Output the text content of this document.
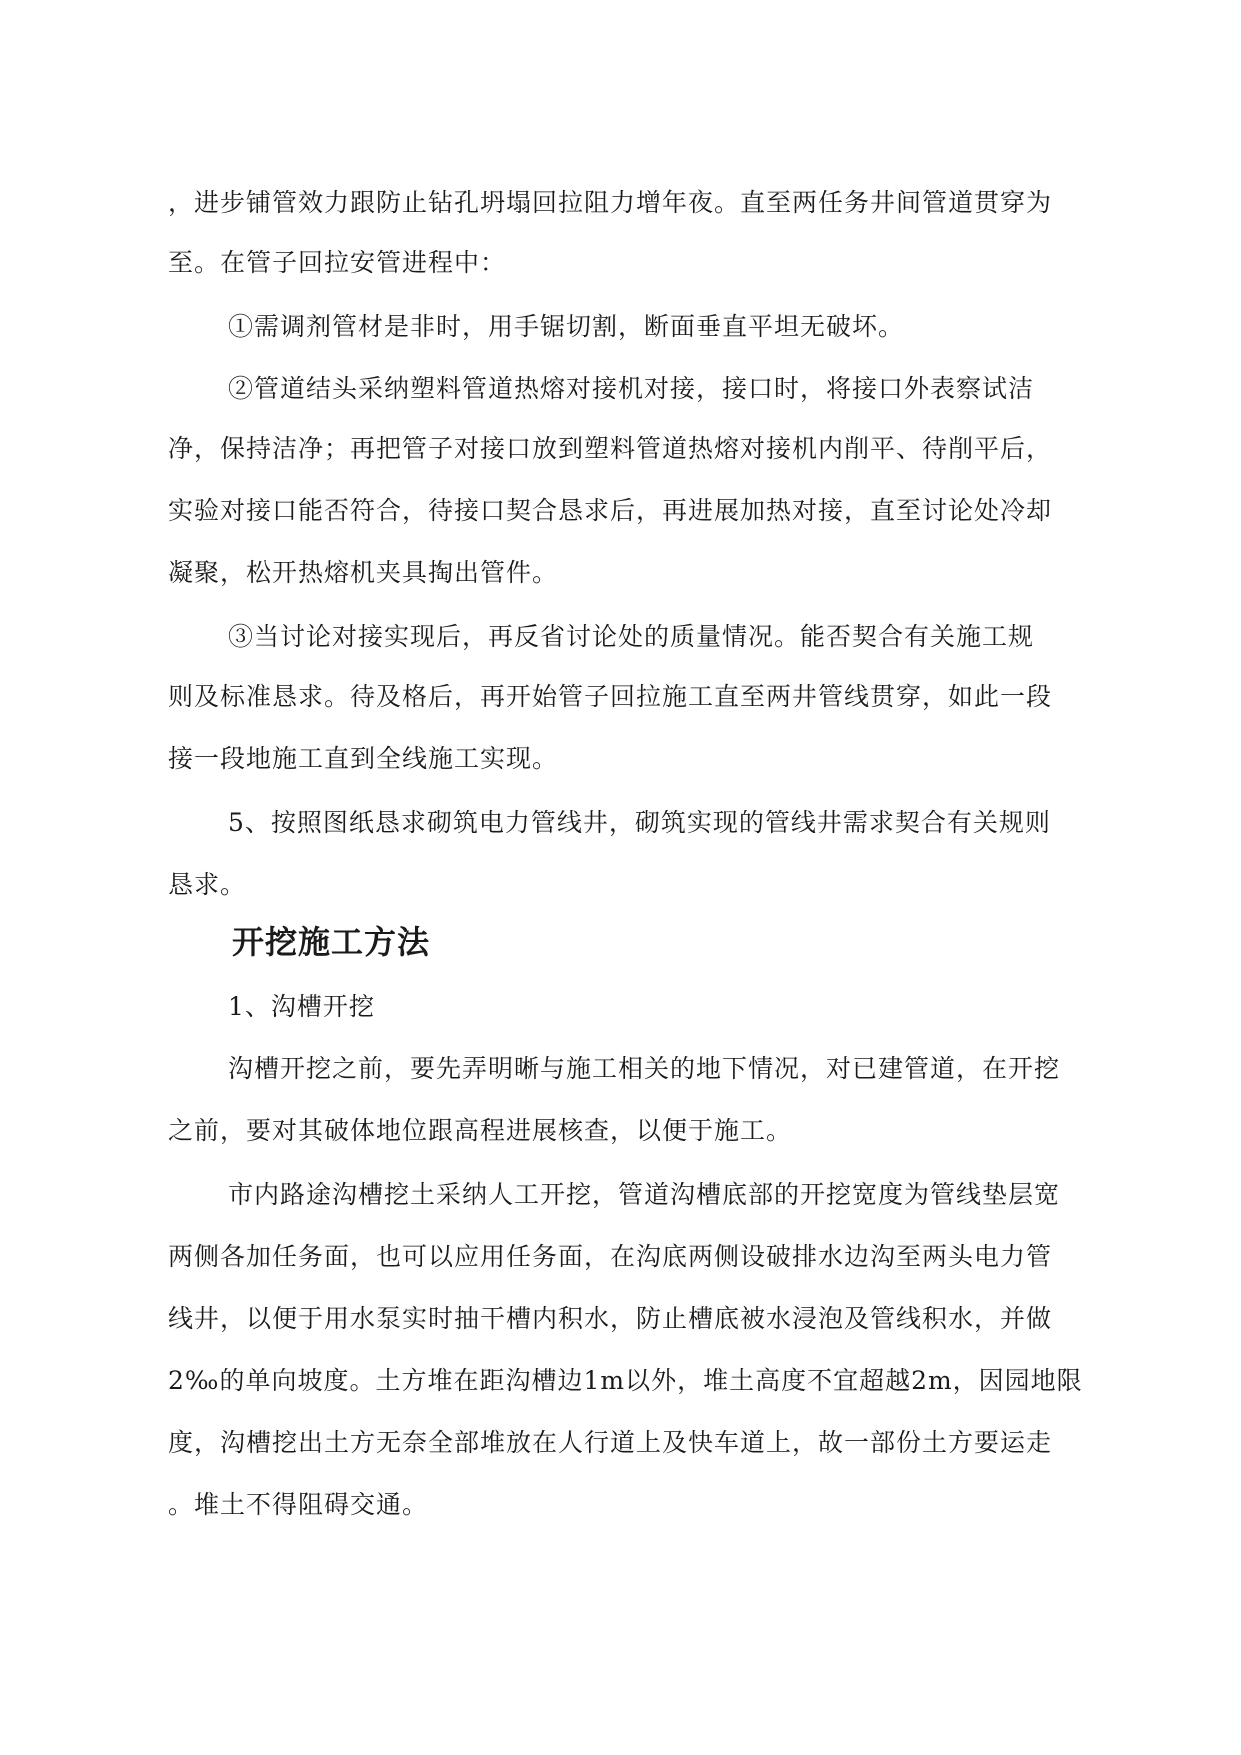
，进步铺管效力跟防止钻孔坍塌回拉阻力增年夜。直至两任务井间管道贯穿为
至。在管子回拉安管进程中：
①需调剂管材是非时，用手锯切割，断面垂直平坦无破坏。
②管道结头采纳塑料管道热熔对接机对接，接口时，将接口外表察试洁
净，保持洁净；再把管子对接口放到塑料管道热熔对接机内削平、待削平后，
实验对接口能否符合，待接口契合恳求后，再进展加热对接，直至讨论处冷却
凝聚，松开热熔机夹具掏出管件。
③当讨论对接实现后，再反省讨论处的质量情况。能否契合有关施工规
则及标准恳求。待及格后，再开始管子回拉施工直至两井管线贯穿，如此一段
接一段地施工直到全线施工实现。
5、按照图纸恳求砌筑电力管线井，砌筑实现的管线井需求契合有关规则
恳求。
开挖施工方法
1、沟槽开挖
沟槽开挖之前，要先弄明晰与施工相关的地下情况，对已建管道，在开挖
之前，要对其破体地位跟高程进展核查，以便于施工。
市内路途沟槽挖土采纳人工开挖，管道沟槽底部的开挖宽度为管线垫层宽
两侧各加任务面，也可以应用任务面，在沟底两侧设破排水边沟至两头电力管
线井，以便于用水泵实时抽干槽内积水，防止槽底被水浸泡及管线积水，并做
2‰的单向坡度。土方堆在距沟槽边1m以外，堆土高度不宜超越2m，因园地限
度，沟槽挖出土方无奈全部堆放在人行道上及快车道上，故一部份土方要运走
。堆土不得阻碍交通。
